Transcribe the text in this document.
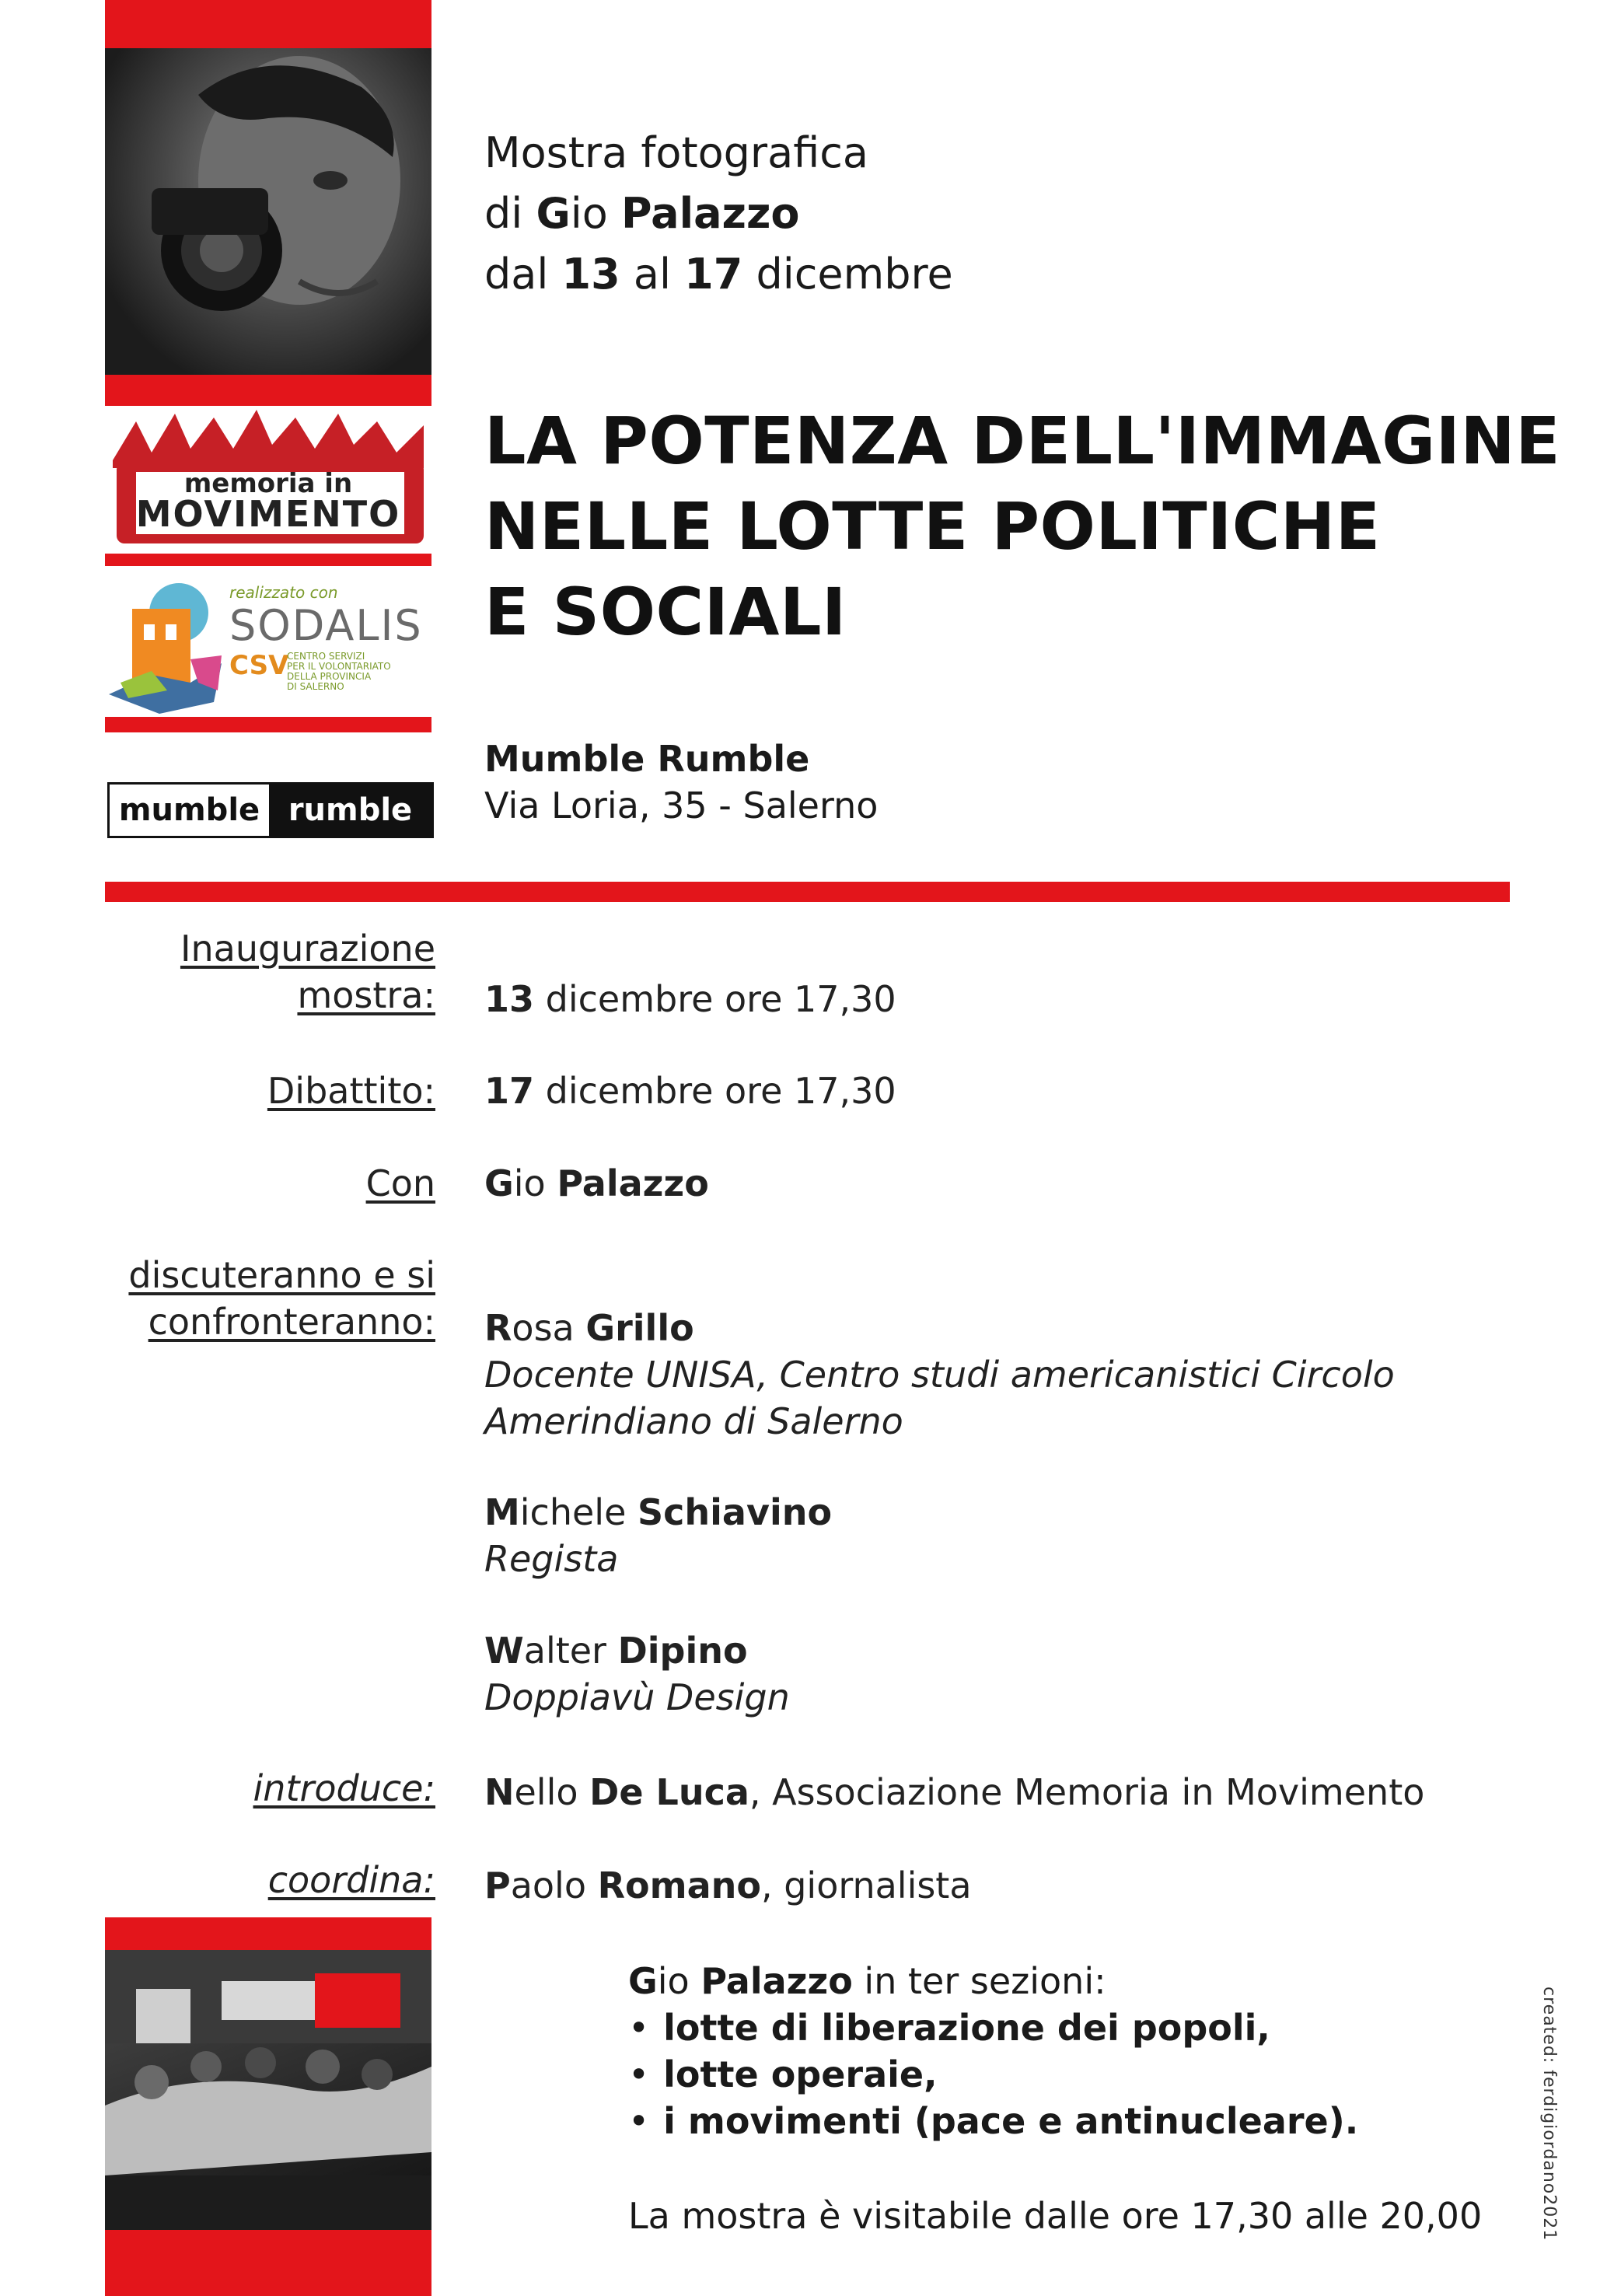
memoria in
MOVIMENTO
realizzato con
SODALIS
CSV
CENTRO SERVIZI
PER IL VOLONTARIATO
DELLA PROVINCIA
DI SALERNO
mumble rumble
Mostra fotografica
di Gio Palazzo
dal 13 al 17 dicembre
LA POTENZA DELL'IMMAGINE
NELLE LOTTE POLITICHE
E SOCIALI
Mumble Rumble
Via Loria, 35 - Salerno
Inaugurazione
mostra: 13 dicembre ore 17,30
Dibattito: 17 dicembre ore 17,30
Con Gio Palazzo
discuteranno e si
confronteranno: Rosa Grillo
Docente UNISA, Centro studi americanistici Circolo
Amerindiano di Salerno
Michele Schiavino
Regista
Walter Dipino
Doppiavù Design
introduce: Nello De Luca, Associazione Memoria in Movimento
coordina: Paolo Romano, giornalista
Gio Palazzo in ter sezioni:
• lotte di liberazione dei popoli,
• lotte operaie,
• i movimenti (pace e antinucleare).
La mostra è visitabile dalle ore 17,30 alle 20,00	created: ferdigiordano2021
